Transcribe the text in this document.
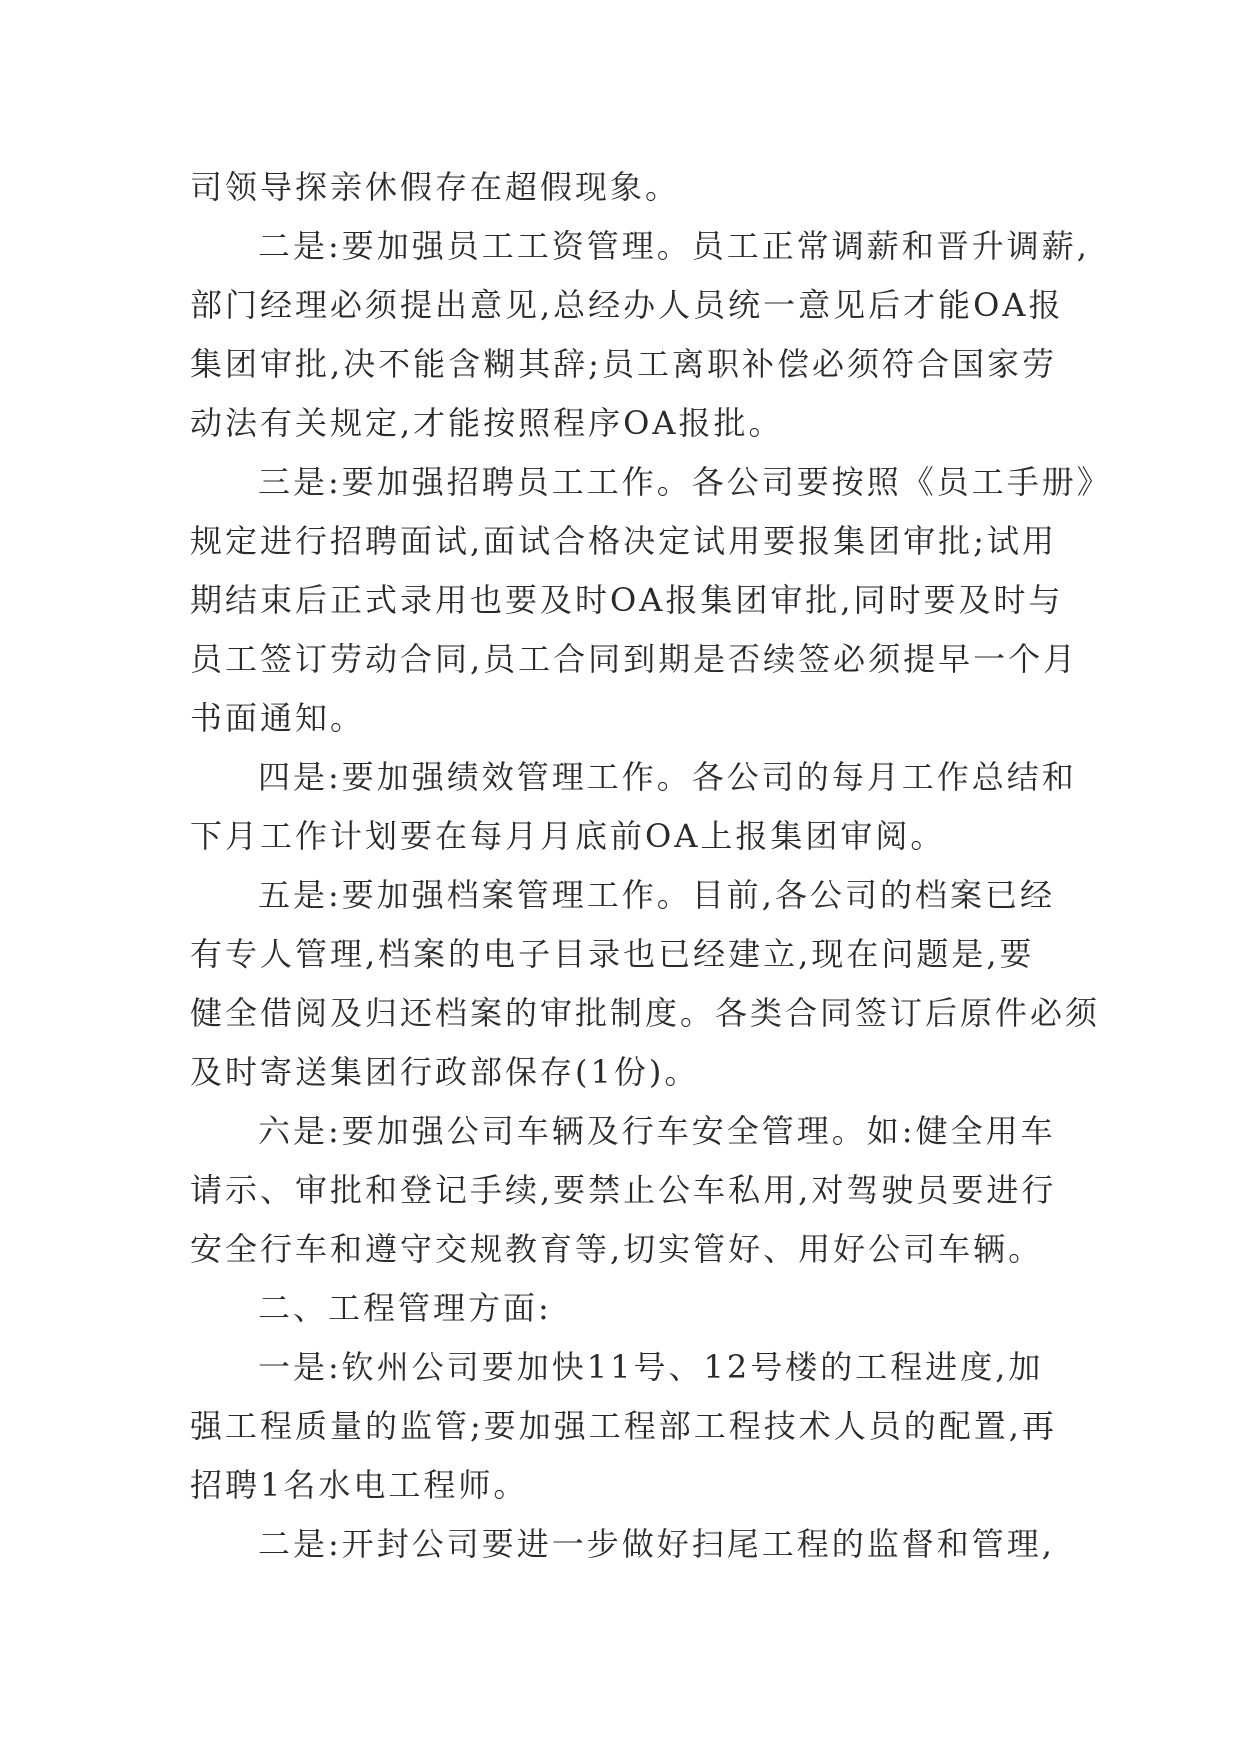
司领导探亲休假存在超假现象。
二是:要加强员工工资管理。员工正常调薪和晋升调薪,
部门经理必须提出意见,总经办人员统一意见后才能OA报
集团审批,决不能含糊其辞;员工离职补偿必须符合国家劳
动法有关规定,才能按照程序OA报批。
三是:要加强招聘员工工作。各公司要按照《员工手册》
规定进行招聘面试,面试合格决定试用要报集团审批;试用
期结束后正式录用也要及时OA报集团审批,同时要及时与
员工签订劳动合同,员工合同到期是否续签必须提早一个月
书面通知。
四是:要加强绩效管理工作。各公司的每月工作总结和
下月工作计划要在每月月底前OA上报集团审阅。
五是:要加强档案管理工作。目前,各公司的档案已经
有专人管理,档案的电子目录也已经建立,现在问题是,要
健全借阅及归还档案的审批制度。各类合同签订后原件必须
及时寄送集团行政部保存(1份)。
六是:要加强公司车辆及行车安全管理。如:健全用车
请示、审批和登记手续,要禁止公车私用,对驾驶员要进行
安全行车和遵守交规教育等,切实管好、用好公司车辆。
二、工程管理方面:
一是:钦州公司要加快11号、12号楼的工程进度,加
强工程质量的监管;要加强工程部工程技术人员的配置,再
招聘1名水电工程师。
二是:开封公司要进一步做好扫尾工程的监督和管理,
